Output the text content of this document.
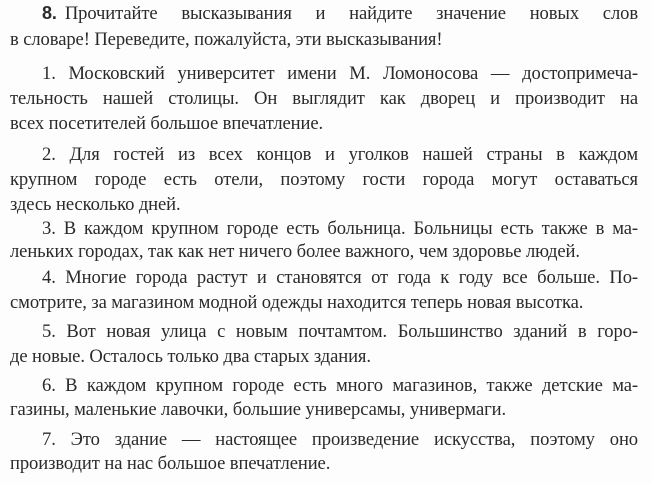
8. Прочитайте высказывания и найдите значение новых слов
в словаре! Переведите, пожалуйста, эти высказывания!
1. Московский университет имени М. Ломоносова — достопримеча-
тельность нашей столицы. Он выглядит как дворец и производит на
всех посетителей большое впечатление.
2. Для гостей из всех концов и уголков нашей страны в каждом
крупном городе есть отели, поэтому гости города могут оставаться
здесь несколько дней.
3. В каждом крупном городе есть больница. Больницы есть также в ма-
леньких городах, так как нет ничего более важного, чем здоровье людей.
4. Многие города растут и становятся от года к году все больше. По-
смотрите, за магазином модной одежды находится теперь новая высотка.
5. Вот новая улица с новым почтамтом. Большинство зданий в горо-
де новые. Осталось только два старых здания.
6. В каждом крупном городе есть много магазинов, также детские ма-
газины, маленькие лавочки, большие универсамы, универмаги.
7. Это здание — настоящее произведение искусства, поэтому оно
производит на нас большое впечатление.
